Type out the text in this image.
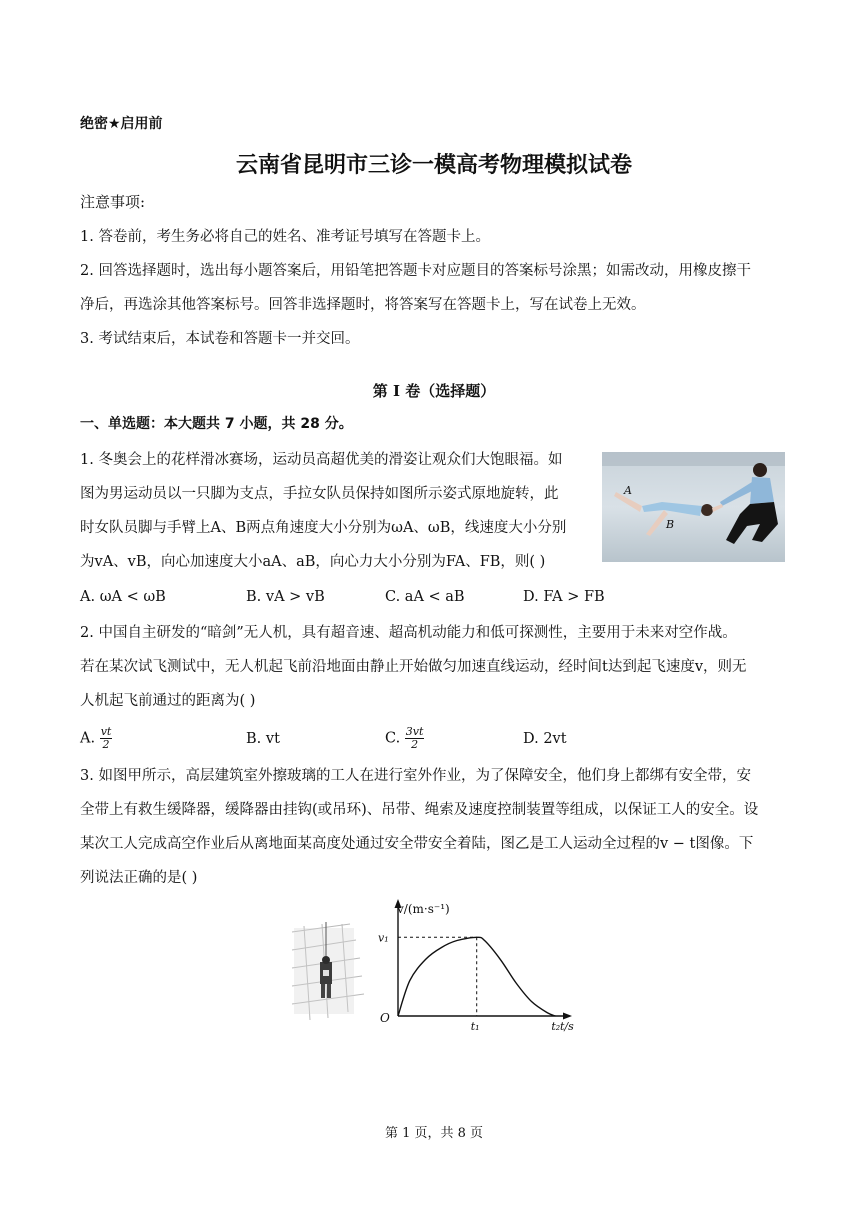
绝密★启用前
云南省昆明市三诊一模高考物理模拟试卷
注意事项:
1. 答卷前，考生务必将自己的姓名、准考证号填写在答题卡上。
2. 回答选择题时，选出每小题答案后，用铅笔把答题卡对应题目的答案标号涂黑；如需改动，用橡皮擦干
净后，再选涂其他答案标号。回答非选择题时，将答案写在答题卡上，写在试卷上无效。
3. 考试结束后，本试卷和答题卡一并交回。
第 I 卷（选择题）
一、单选题：本大题共 7 小题，共 28 分。
1. 冬奥会上的花样滑冰赛场，运动员高超优美的滑姿让观众们大饱眼福。如
图为男运动员以一只脚为支点，手拉女队员保持如图所示姿式原地旋转，此
时女队员脚与手臂上A、B两点角速度大小分别为ωA、ωB，线速度大小分别
为vA、vB，向心加速度大小aA、aB，向心力大小分别为FA、FB，则( )
A
B
A. ωA < ωB	B. vA > vB	C. aA < aB	D. FA > FB
2. 中国自主研发的“暗剑”无人机，具有超音速、超高机动能力和低可探测性，主要用于未来对空作战。
若在某次试飞测试中，无人机起飞前沿地面由静止开始做匀加速直线运动，经时间t达到起飞速度v，则无
人机起飞前通过的距离为( )
A. $\frac{vt}{2}$	B. vt	C. $\frac{3vt}{2}$	D. 2vt
3. 如图甲所示，高层建筑室外擦玻璃的工人在进行室外作业，为了保障安全，他们身上都绑有安全带，安
全带上有救生缓降器，缓降器由挂钩(或吊环)、吊带、绳索及速度控制装置等组成，以保证工人的安全。设
某次工人完成高空作业后从离地面某高度处通过安全带安全着陆，图乙是工人运动全过程的v − t图像。下
列说法正确的是( )
v/(m·s⁻¹)
t/s
O
v₁
t₁	t₂
第 1 页，共 8 页
